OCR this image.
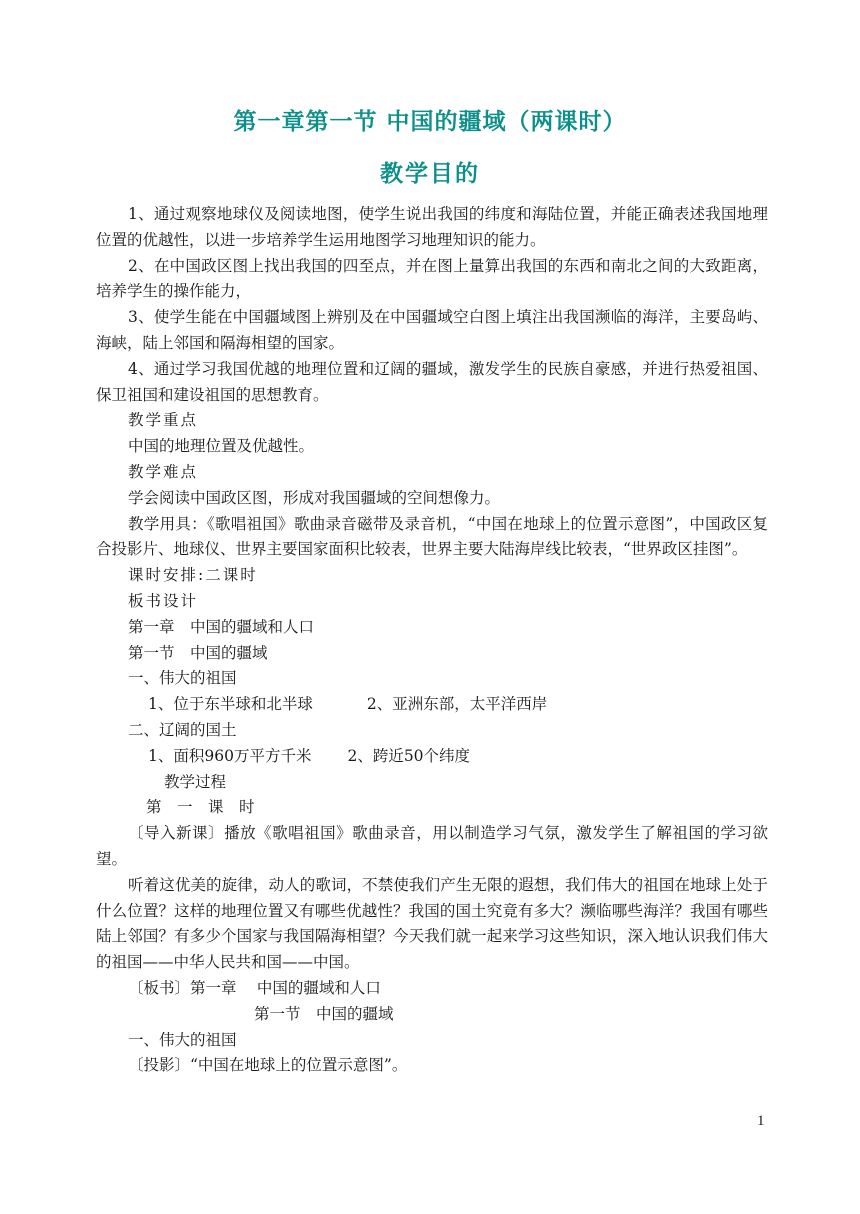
第一章第一节 中国的疆域（两课时）
教学目的

1、通过观察地球仪及阅读地图，使学生说出我国的纬度和海陆位置，并能正确表述我国地理位置的优越性，以进一步培养学生运用地图学习地理知识的能力。

2、在中国政区图上找出我国的四至点，并在图上量算出我国的东西和南北之间的大致距离，培养学生的操作能力，

3、使学生能在中国疆域图上辨别及在中国疆域空白图上填注出我国濒临的海洋，主要岛屿、海峡，陆上邻国和隔海相望的国家。

4、通过学习我国优越的地理位置和辽阔的疆域，激发学生的民族自豪感，并进行热爱祖国、保卫祖国和建设祖国的思想教育。

教学重点

中国的地理位置及优越性。

教学难点

学会阅读中国政区图，形成对我国疆域的空间想像力。

教学用具：《歌唱祖国》歌曲录音磁带及录音机，“中国在地球上的位置示意图”，中国政区复合投影片、地球仪、世界主要国家面积比较表，世界主要大陆海岸线比较表，“世界政区挂图”。

课时安排:二课时

板书设计

第一章　中国的疆域和人口

第一节　中国的疆域

一、伟大的祖国

1、位于东半球和北半球	2、亚洲东部，太平洋西岸

二、辽阔的国土

1、面积960万平方千米 2、跨近50个纬度

教学过程

第　一　课　时

〔导入新课〕播放《歌唱祖国》歌曲录音，用以制造学习气氛，激发学生了解祖国的学习欲望。

听着这优美的旋律，动人的歌词，不禁使我们产生无限的遐想，我们伟大的祖国在地球上处于什么位置？这样的地理位置又有哪些优越性？我国的国土究竟有多大？濒临哪些海洋？我国有哪些陆上邻国？有多少个国家与我国隔海相望？今天我们就一起来学习这些知识，深入地认识我们伟大的祖国——中华人民共和国——中国。

〔板书〕第一章　 中国的疆域和人口

第一节　中国的疆域

一、伟大的祖国

〔投影〕“中国在地球上的位置示意图”。

1
